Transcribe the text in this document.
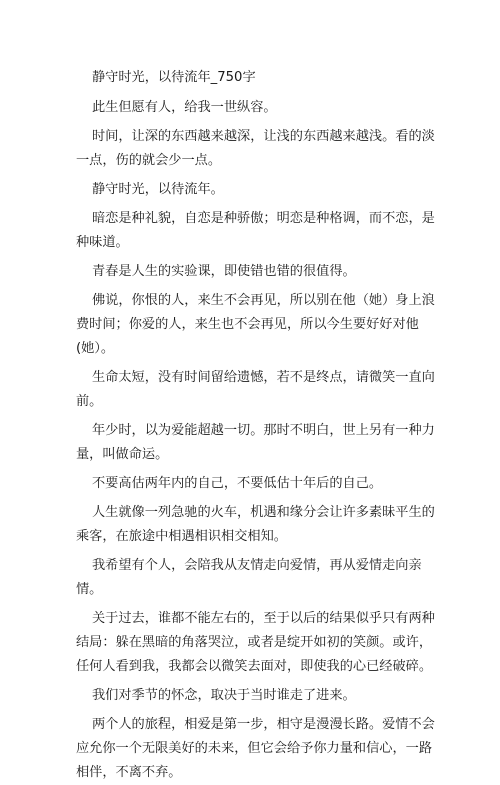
静守时光，以待流年_750字

此生但愿有人，给我一世纵容。

时间，让深的东西越来越深，让浅的东西越来越浅。看的淡一点，伤的就会少一点。

静守时光，以待流年。

暗恋是种礼貌，自恋是种骄傲；明恋是种格调，而不恋，是种味道。

青春是人生的实验课，即使错也错的很值得。

佛说，你恨的人，来生不会再见，所以别在他（她）身上浪费时间；你爱的人，来生也不会再见，所以今生要好好对他(她）。

生命太短，没有时间留给遗憾，若不是终点，请微笑一直向前。

年少时，以为爱能超越一切。那时不明白，世上另有一种力量，叫做命运。

不要高估两年内的自己，不要低估十年后的自己。

人生就像一列急驰的火车，机遇和缘分会让许多素昧平生的乘客，在旅途中相遇相识相交相知。

我希望有个人，会陪我从友情走向爱情，再从爱情走向亲情。

关于过去，谁都不能左右的，至于以后的结果似乎只有两种结局：躲在黑暗的角落哭泣，或者是绽开如初的笑颜。或许，任何人看到我，我都会以微笑去面对，即使我的心已经破碎。

我们对季节的怀念，取决于当时谁走了进来。

两个人的旅程，相爱是第一步，相守是漫漫长路。爱情不会应允你一个无限美好的未来，但它会给予你力量和信心，一路相伴，不离不弃。
